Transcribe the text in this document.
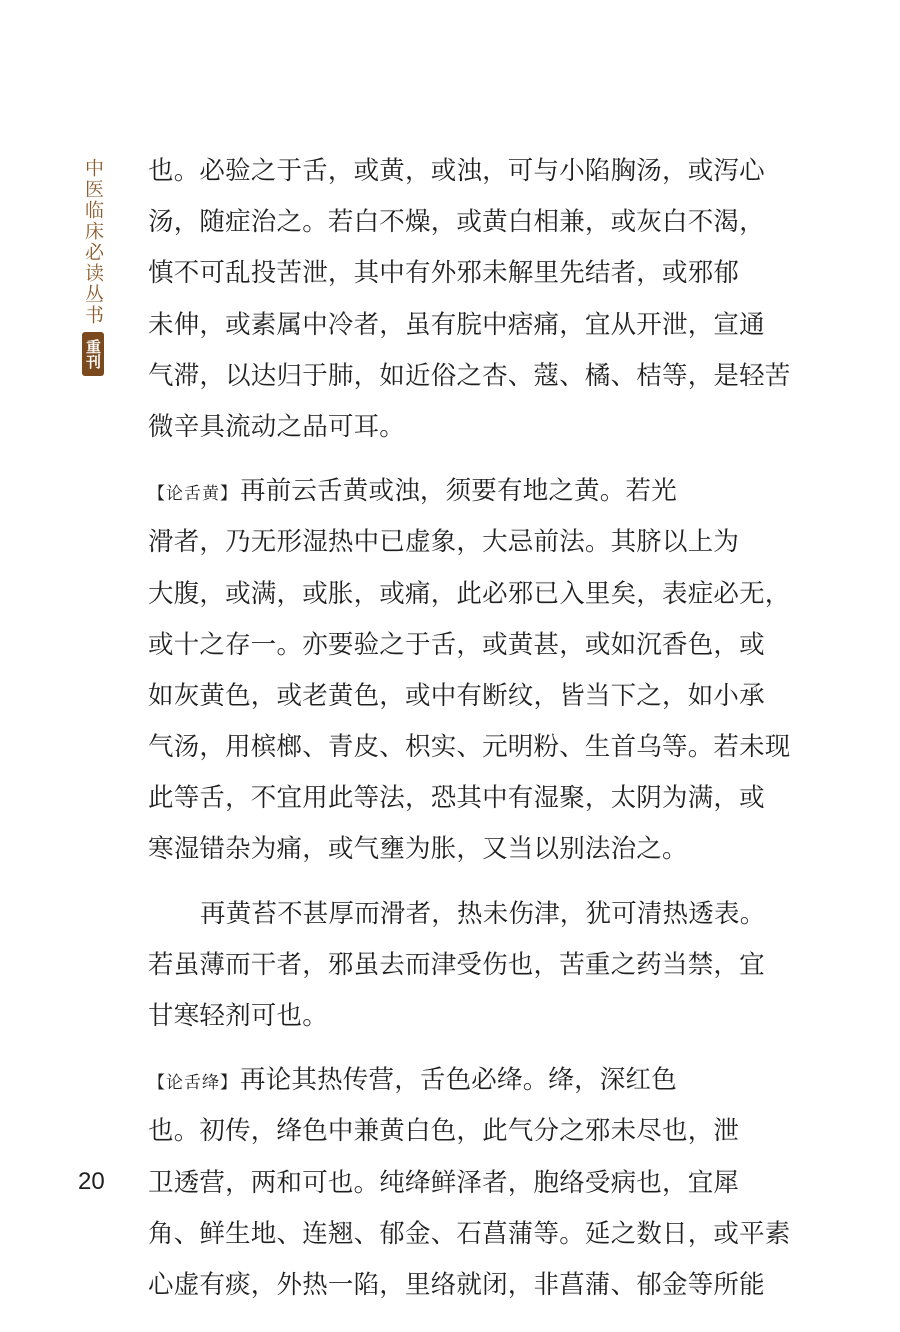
中医临床必读丛书
重刊
也。必验之于舌，或黄，或浊，可与小陷胸汤，或泻心
汤，随症治之。若白不燥，或黄白相兼，或灰白不渴，
慎不可乱投苦泄，其中有外邪未解里先结者，或邪郁
未伸，或素属中冷者，虽有脘中痞痛，宜从开泄，宣通
气滞，以达归于肺，如近俗之杏、蔻、橘、桔等，是轻苦
微辛具流动之品可耳。
【论舌黄】再前云舌黄或浊，须要有地之黄。若光
滑者，乃无形湿热中已虚象，大忌前法。其脐以上为
大腹，或满，或胀，或痛，此必邪已入里矣，表症必无，
或十之存一。亦要验之于舌，或黄甚，或如沉香色，或
如灰黄色，或老黄色，或中有断纹，皆当下之，如小承
气汤，用槟榔、青皮、枳实、元明粉、生首乌等。若未现
此等舌，不宜用此等法，恐其中有湿聚，太阴为满，或
寒湿错杂为痛，或气壅为胀，又当以别法治之。
再黄苔不甚厚而滑者，热未伤津，犹可清热透表。
若虽薄而干者，邪虽去而津受伤也，苦重之药当禁，宜
甘寒轻剂可也。
【论舌绛】再论其热传营，舌色必绛。绛，深红色
也。初传，绛色中兼黄白色，此气分之邪未尽也，泄
卫透营，两和可也。纯绛鲜泽者，胞络受病也，宜犀
角、鲜生地、连翘、郁金、石菖蒲等。延之数日，或平素
心虚有痰，外热一陷，里络就闭，非菖蒲、郁金等所能
20
